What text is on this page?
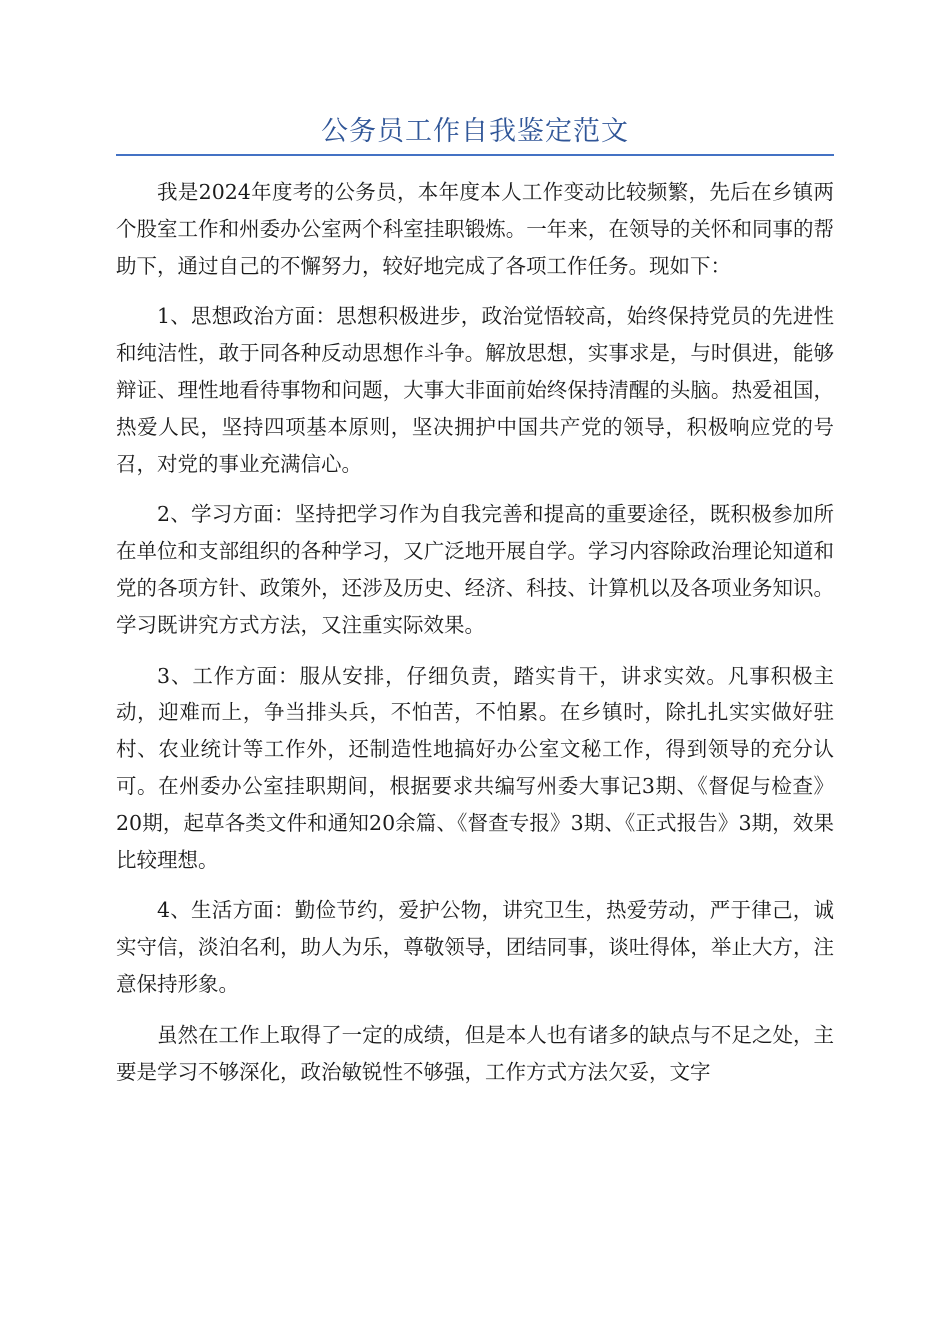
公务员工作自我鉴定范文

我是2024年度考的公务员，本年度本人工作变动比较频繁，先后在乡镇两个股室工作和州委办公室两个科室挂职锻炼。一年来，在领导的关怀和同事的帮助下，通过自己的不懈努力，较好地完成了各项工作任务。现如下：

1、思想政治方面：思想积极进步，政治觉悟较高，始终保持党员的先进性和纯洁性，敢于同各种反动思想作斗争。解放思想，实事求是，与时俱进，能够辩证、理性地看待事物和问题，大事大非面前始终保持清醒的头脑。热爱祖国，热爱人民，坚持四项基本原则，坚决拥护中国共产党的领导，积极响应党的号召，对党的事业充满信心。

2、学习方面：坚持把学习作为自我完善和提高的重要途径，既积极参加所在单位和支部组织的各种学习，又广泛地开展自学。学习内容除政治理论知道和党的各项方针、政策外，还涉及历史、经济、科技、计算机以及各项业务知识。学习既讲究方式方法，又注重实际效果。

3、工作方面：服从安排，仔细负责，踏实肯干，讲求实效。凡事积极主动，迎难而上，争当排头兵，不怕苦，不怕累。在乡镇时，除扎扎实实做好驻村、农业统计等工作外，还制造性地搞好办公室文秘工作，得到领导的充分认可。在州委办公室挂职期间，根据要求共编写州委大事记3期、《督促与检查》20期，起草各类文件和通知20余篇、《督查专报》3期、《正式报告》3期，效果比较理想。

4、生活方面：勤俭节约，爱护公物，讲究卫生，热爱劳动，严于律己，诚实守信，淡泊名利，助人为乐，尊敬领导，团结同事，谈吐得体，举止大方，注意保持形象。

虽然在工作上取得了一定的成绩，但是本人也有诸多的缺点与不足之处，主要是学习不够深化，政治敏锐性不够强，工作方式方法欠妥，文字
